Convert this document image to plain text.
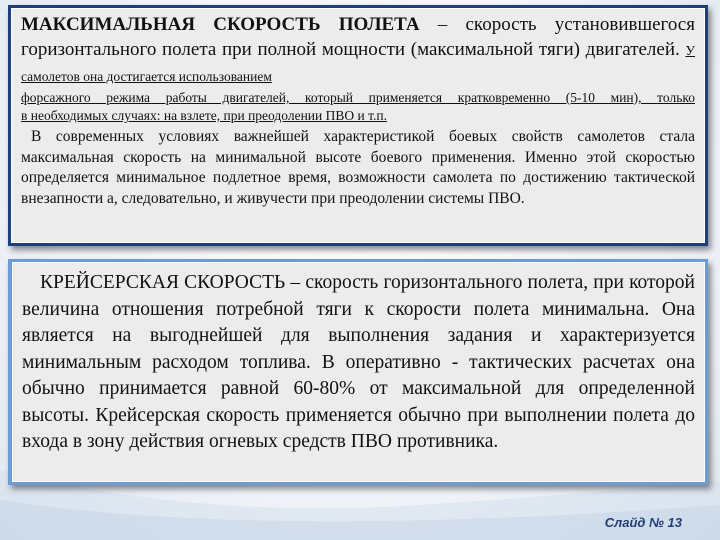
МАКСИМАЛЬНАЯ СКОРОСТЬ ПОЛЕТА – скорость установившегося горизонтального полета при полной мощности (максимальной тяги) двигателей. У самолетов она достигается использованием

форсажного режима работы двигателей, который применяется кратковременно (5-10 мин), только

в необходимых случаях: на взлете, при преодолении ПВО и т.п.

В современных условиях важнейшей характеристикой боевых свойств самолетов стала максимальная скорость на минимальной высоте боевого применения. Именно этой скоростью определяется минимальное подлетное время, возможности самолета по достижению тактической внезапности а, следовательно, и живучести при преодолении системы ПВО.

КРЕЙСЕРСКАЯ СКОРОСТЬ – скорость горизонтального полета, при которой величина отношения потребной тяги к скорости полета минимальна. Она является на выгоднейшей для выполнения задания и характеризуется минимальным расходом топлива. В оперативно - тактических расчетах она обычно принимается равной 60-80% от максимальной для определенной высоты. Крейсерская скорость применяется обычно при выполнении полета до входа в зону действия огневых средств ПВО противника.

Слайд № 13
